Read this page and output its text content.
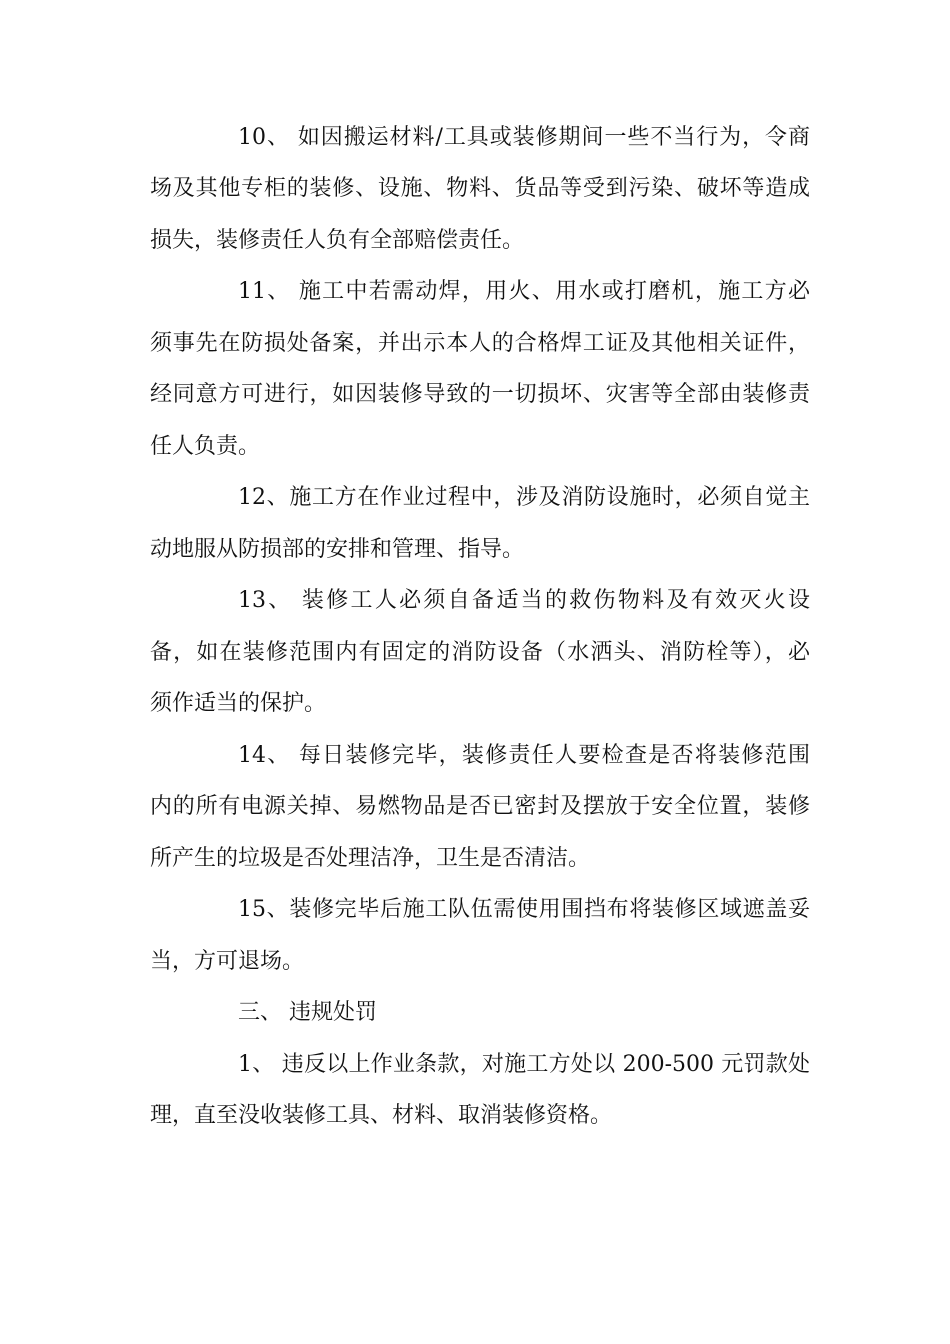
10、 如因搬运材料/工具或装修期间一些不当行为，令商
场及其他专柜的装修、设施、物料、货品等受到污染、破坏等造成
损失，装修责任人负有全部赔偿责任。
11、 施工中若需动焊，用火、用水或打磨机，施工方必
须事先在防损处备案，并出示本人的合格焊工证及其他相关证件，
经同意方可进行，如因装修导致的一切损坏、灾害等全部由装修责
任人负责。
12、施工方在作业过程中，涉及消防设施时，必须自觉主
动地服从防损部的安排和管理、指导。
13、 装修工人必须自备适当的救伤物料及有效灭火设
备，如在装修范围内有固定的消防设备（水洒头、消防栓等），必
须作适当的保护。
14、 每日装修完毕，装修责任人要检查是否将装修范围
内的所有电源关掉、易燃物品是否已密封及摆放于安全位置，装修
所产生的垃圾是否处理洁净，卫生是否清洁。
15、装修完毕后施工队伍需使用围挡布将装修区域遮盖妥
当，方可退场。
三、 违规处罚
1、 违反以上作业条款，对施工方处以 200-500 元罚款处
理，直至没收装修工具、材料、取消装修资格。
